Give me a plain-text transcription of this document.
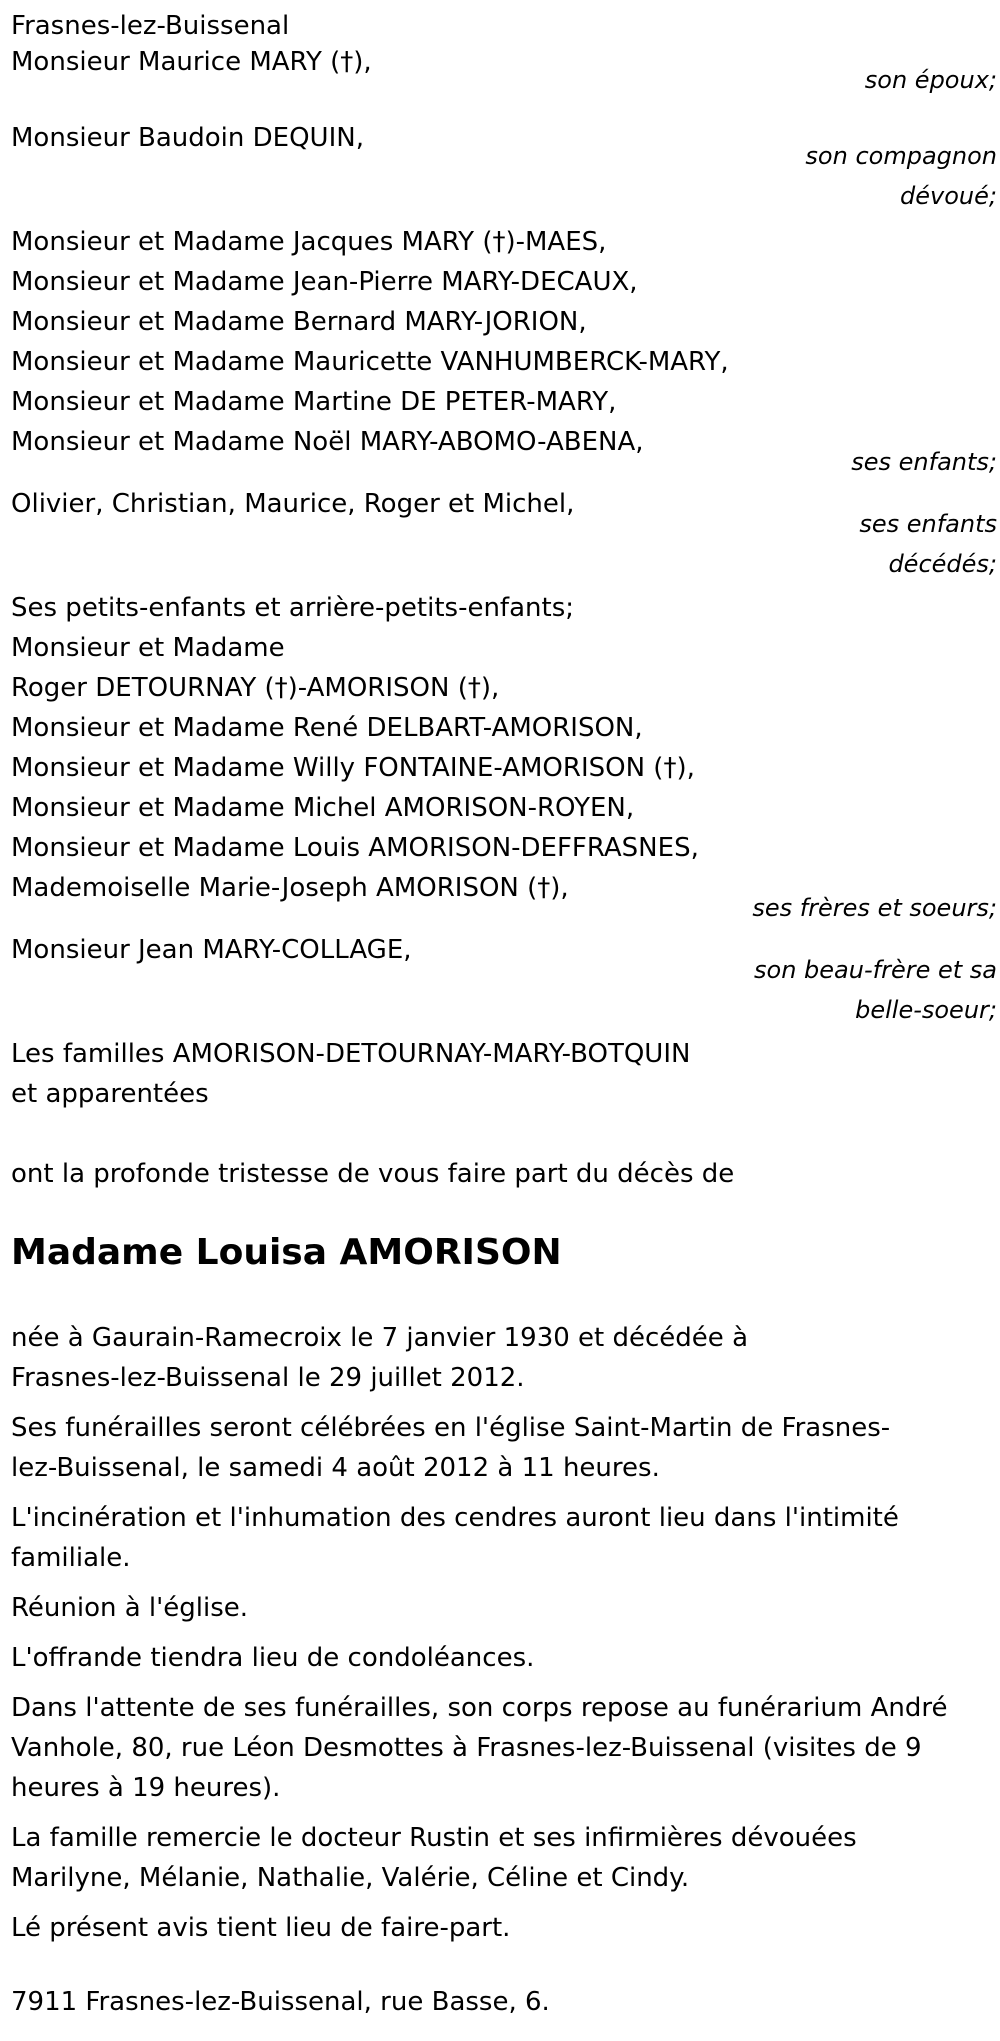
Frasnes-lez-Buissenal
Monsieur Maurice MARY (†),
son époux;
Monsieur Baudoin DEQUIN,
son compagnon
dévoué;
Monsieur et Madame Jacques MARY (†)-MAES,
Monsieur et Madame Jean-Pierre MARY-DECAUX,
Monsieur et Madame Bernard MARY-JORION,
Monsieur et Madame Mauricette VANHUMBERCK-MARY,
Monsieur et Madame Martine DE PETER-MARY,
Monsieur et Madame Noël MARY-ABOMO-ABENA,
ses enfants;
Olivier, Christian, Maurice, Roger et Michel,
ses enfants
décédés;
Ses petits-enfants et arrière-petits-enfants;
Monsieur et Madame
Roger DETOURNAY (†)-AMORISON (†),
Monsieur et Madame René DELBART-AMORISON,
Monsieur et Madame Willy FONTAINE-AMORISON (†),
Monsieur et Madame Michel AMORISON-ROYEN,
Monsieur et Madame Louis AMORISON-DEFFRASNES,
Mademoiselle Marie-Joseph AMORISON (†),
ses frères et soeurs;
Monsieur Jean MARY-COLLAGE,
son beau-frère et sa
belle-soeur;
Les familles AMORISON-DETOURNAY-MARY-BOTQUIN
et apparentées
ont la profonde tristesse de vous faire part du décès de
Madame Louisa AMORISON
née à Gaurain-Ramecroix le 7 janvier 1930 et décédée à Frasnes-lez-Buissenal le 29 juillet 2012.
Ses funérailles seront célébrées en l'église Saint-Martin de Frasnes-lez-Buissenal, le samedi 4 août 2012 à 11 heures.
L'incinération et l'inhumation des cendres auront lieu dans l'intimité familiale.
Réunion à l'église.
L'offrande tiendra lieu de condoléances.
Dans l'attente de ses funérailles, son corps repose au funérarium André Vanhole, 80, rue Léon Desmottes à Frasnes-lez-Buissenal (visites de 9 heures à 19 heures).
La famille remercie le docteur Rustin et ses infirmières dévouées Marilyne, Mélanie, Nathalie, Valérie, Céline et Cindy.
Lé présent avis tient lieu de faire-part.
7911 Frasnes-lez-Buissenal, rue Basse, 6.
